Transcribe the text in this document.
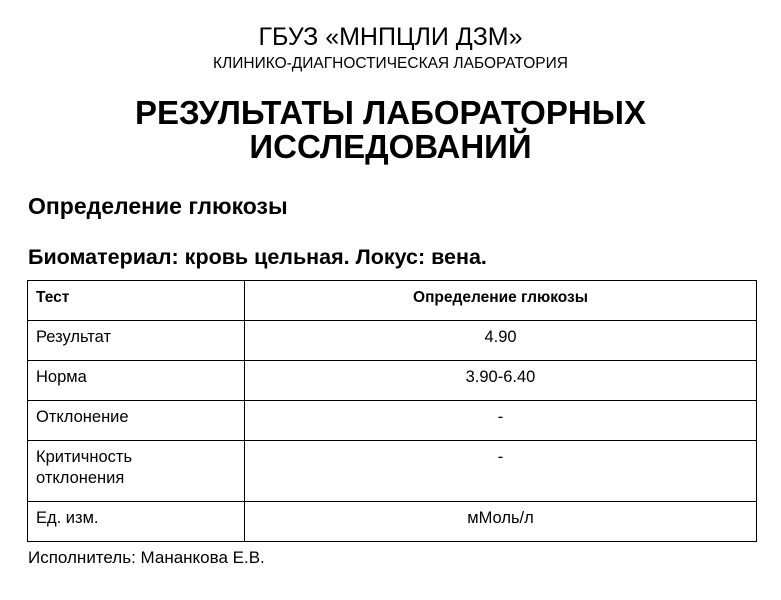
ГБУЗ «МНПЦЛИ ДЗМ»
КЛИНИКО-ДИАГНОСТИЧЕСКАЯ ЛАБОРАТОРИЯ
РЕЗУЛЬТАТЫ ЛАБОРАТОРНЫХ
ИССЛЕДОВАНИЙ
Определение глюкозы
Биоматериал: кровь цельная. Локус: вена.
Тест	Определение глюкозы
Результат	4.90
Норма	3.90-6.40
Отклонение	-

Критичность
отклонения	-
Ед. изм.	мМоль/л
Исполнитель: Мананкова Е.В.
